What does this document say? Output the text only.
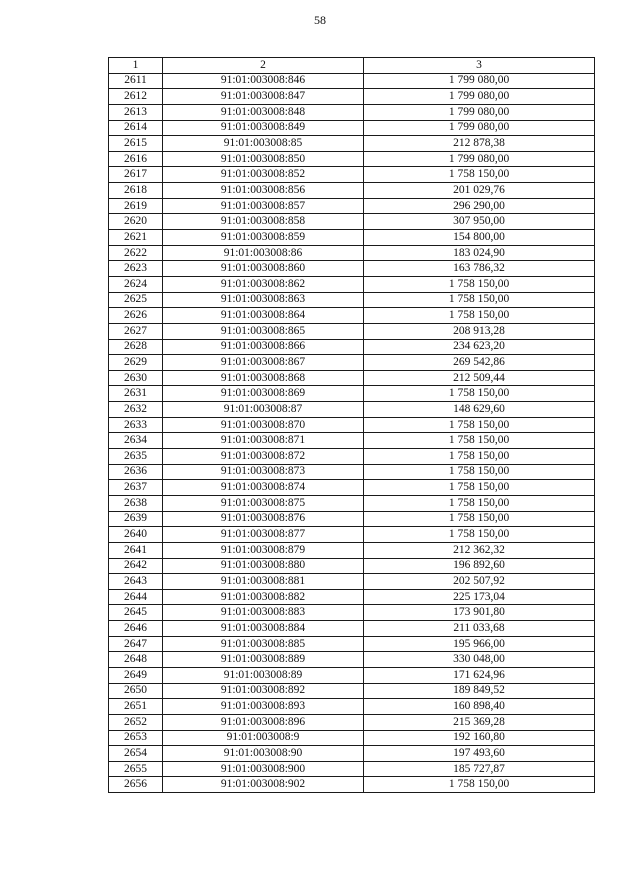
58
1	2	3
2611	91:01:003008:846	1 799 080,00
2612	91:01:003008:847	1 799 080,00
2613	91:01:003008:848	1 799 080,00
2614	91:01:003008:849	1 799 080,00
2615	91:01:003008:85	212 878,38
2616	91:01:003008:850	1 799 080,00
2617	91:01:003008:852	1 758 150,00
2618	91:01:003008:856	201 029,76
2619	91:01:003008:857	296 290,00
2620	91:01:003008:858	307 950,00
2621	91:01:003008:859	154 800,00
2622	91:01:003008:86	183 024,90
2623	91:01:003008:860	163 786,32
2624	91:01:003008:862	1 758 150,00
2625	91:01:003008:863	1 758 150,00
2626	91:01:003008:864	1 758 150,00
2627	91:01:003008:865	208 913,28
2628	91:01:003008:866	234 623,20
2629	91:01:003008:867	269 542,86
2630	91:01:003008:868	212 509,44
2631	91:01:003008:869	1 758 150,00
2632	91:01:003008:87	148 629,60
2633	91:01:003008:870	1 758 150,00
2634	91:01:003008:871	1 758 150,00
2635	91:01:003008:872	1 758 150,00
2636	91:01:003008:873	1 758 150,00
2637	91:01:003008:874	1 758 150,00
2638	91:01:003008:875	1 758 150,00
2639	91:01:003008:876	1 758 150,00
2640	91:01:003008:877	1 758 150,00
2641	91:01:003008:879	212 362,32
2642	91:01:003008:880	196 892,60
2643	91:01:003008:881	202 507,92
2644	91:01:003008:882	225 173,04
2645	91:01:003008:883	173 901,80
2646	91:01:003008:884	211 033,68
2647	91:01:003008:885	195 966,00
2648	91:01:003008:889	330 048,00
2649	91:01:003008:89	171 624,96
2650	91:01:003008:892	189 849,52
2651	91:01:003008:893	160 898,40
2652	91:01:003008:896	215 369,28
2653	91:01:003008:9	192 160,80
2654	91:01:003008:90	197 493,60
2655	91:01:003008:900	185 727,87
2656	91:01:003008:902	1 758 150,00
